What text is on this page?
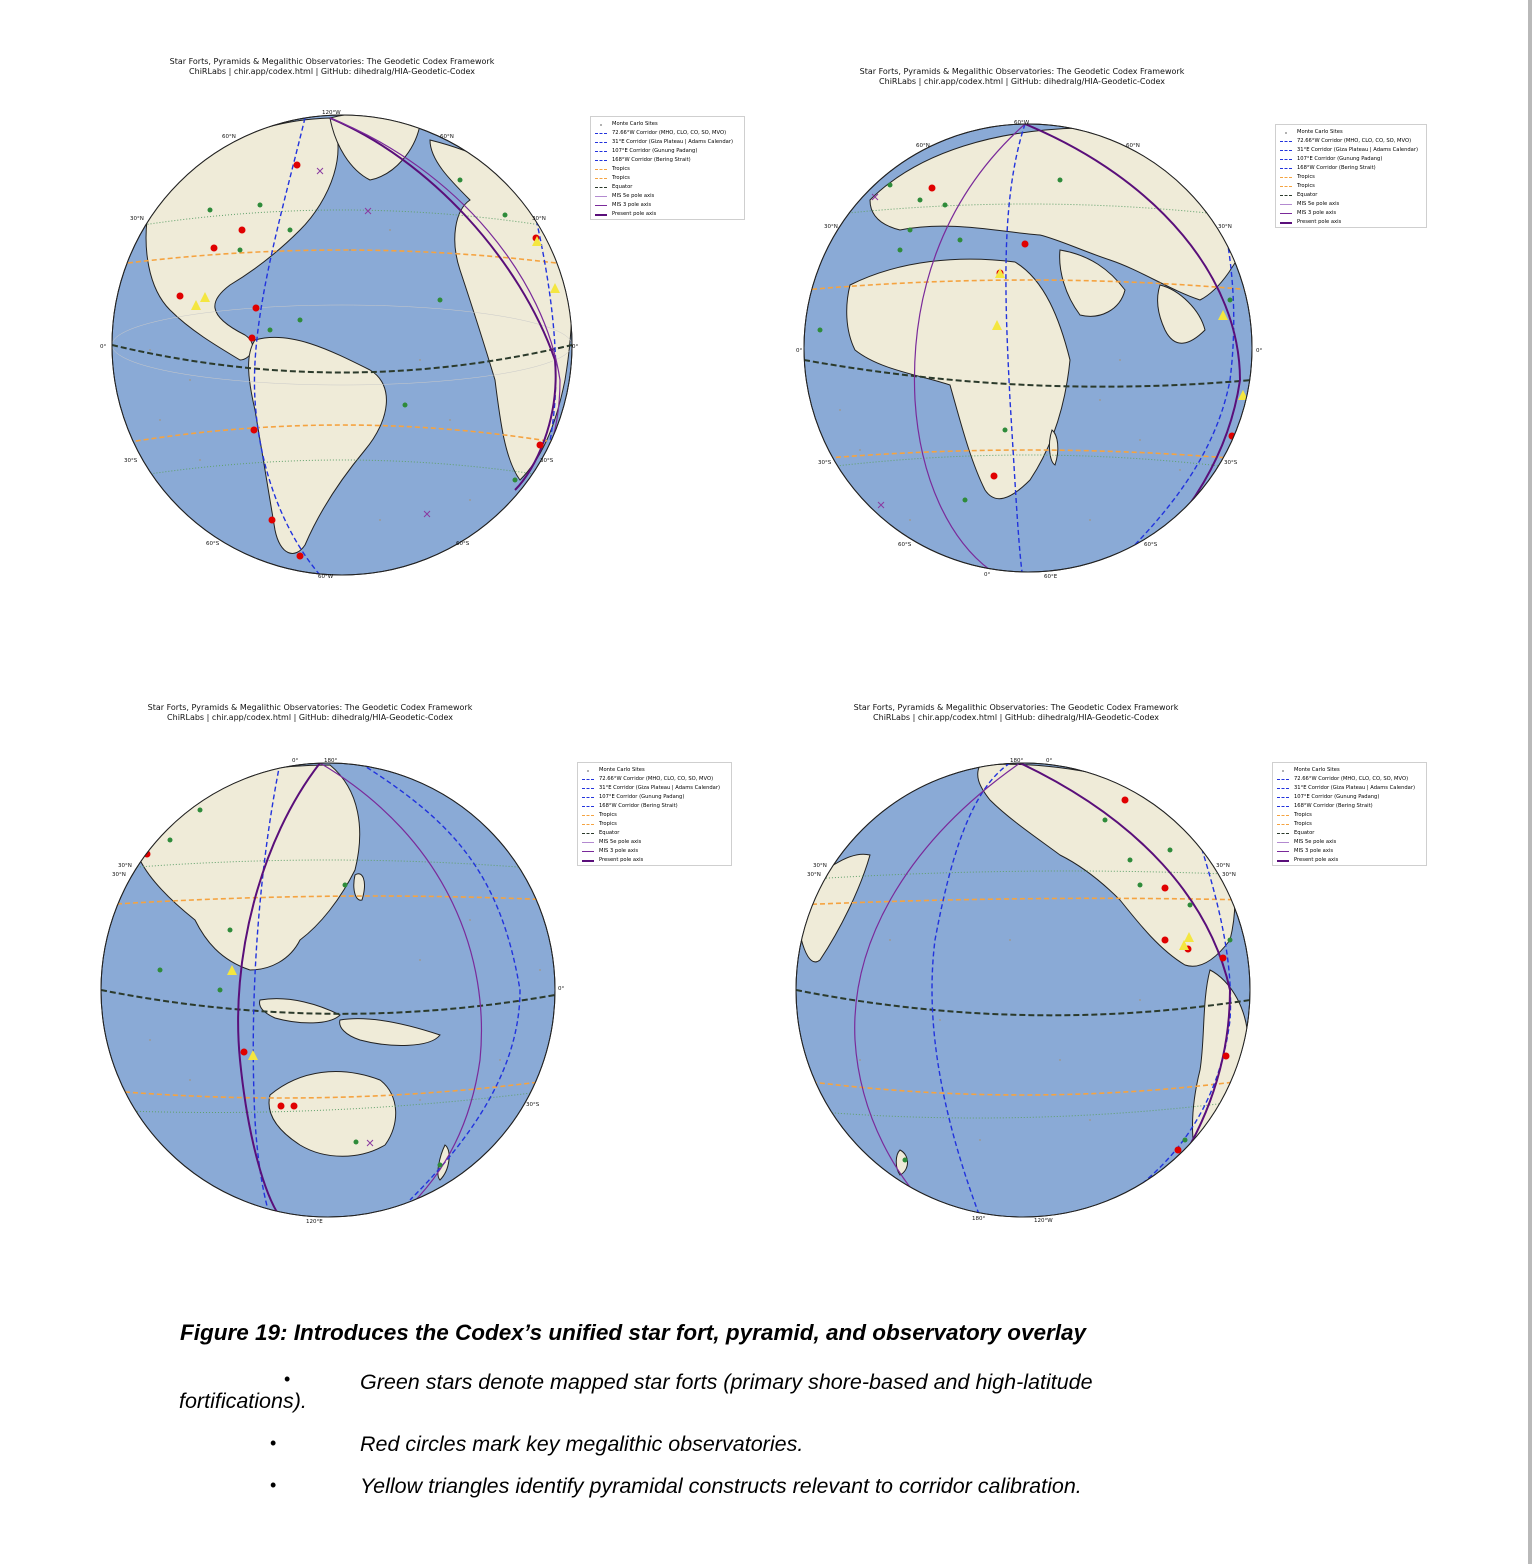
Star Forts, Pyramids & Megalithic Observatories: The Geodetic Codex Framework
ChiRLabs | chir.app/codex.html | GitHub: dihedralg/HIA-Geodetic-Codex
120°W
60°W
60°N	60°N
30°N	30°N
0°	0°
30°S	30°S
60°S	60°S
Monte Carlo Sites
72.66°W Corridor (MHO, CLO, CO, SO, MVO)
31°E Corridor (Giza Plateau | Adams Calendar)
107°E Corridor (Gunung Padang)
168°W Corridor (Bering Strait)
Tropics
Tropics
Equator
MIS 5e pole axis
MIS 3 pole axis
Present pole axis
Star Forts, Pyramids & Megalithic Observatories: The Geodetic Codex Framework
ChiRLabs | chir.app/codex.html | GitHub: dihedralg/HIA-Geodetic-Codex
60°W
60°E
0°
60°N	60°N
30°N	30°N
0°	0°
30°S	30°S
60°S	60°S
Monte Carlo Sites
72.66°W Corridor (MHO, CLO, CO, SO, MVO)
31°E Corridor (Giza Plateau | Adams Calendar)
107°E Corridor (Gunung Padang)
168°W Corridor (Bering Strait)
Tropics
Tropics
Equator
MIS 5e pole axis
MIS 3 pole axis
Present pole axis
Star Forts, Pyramids & Megalithic Observatories: The Geodetic Codex Framework
ChiRLabs | chir.app/codex.html | GitHub: dihedralg/HIA-Geodetic-Codex
180°
0°
120°E
30°N
30°N
0°
30°S
Monte Carlo Sites
72.66°W Corridor (MHO, CLO, CO, SO, MVO)
31°E Corridor (Giza Plateau | Adams Calendar)
107°E Corridor (Gunung Padang)
168°W Corridor (Bering Strait)
Tropics
Tropics
Equator
MIS 5e pole axis
MIS 3 pole axis
Present pole axis
Star Forts, Pyramids & Megalithic Observatories: The Geodetic Codex Framework
ChiRLabs | chir.app/codex.html | GitHub: dihedralg/HIA-Geodetic-Codex
180°	0°
120°W
180°
30°N
30°N
30°N
30°N
Monte Carlo Sites
72.66°W Corridor (MHO, CLO, CO, SO, MVO)
31°E Corridor (Giza Plateau | Adams Calendar)
107°E Corridor (Gunung Padang)
168°W Corridor (Bering Strait)
Tropics
Tropics
Equator
MIS 5e pole axis
MIS 3 pole axis
Present pole axis
Figure 19: Introduces the Codex’s unified star fort, pyramid, and observatory overlay
•	Green stars denote mapped star forts (primary shore-based and high-latitude
fortifications).
•	Red circles mark key megalithic observatories.
•	Yellow triangles identify pyramidal constructs relevant to corridor calibration.
